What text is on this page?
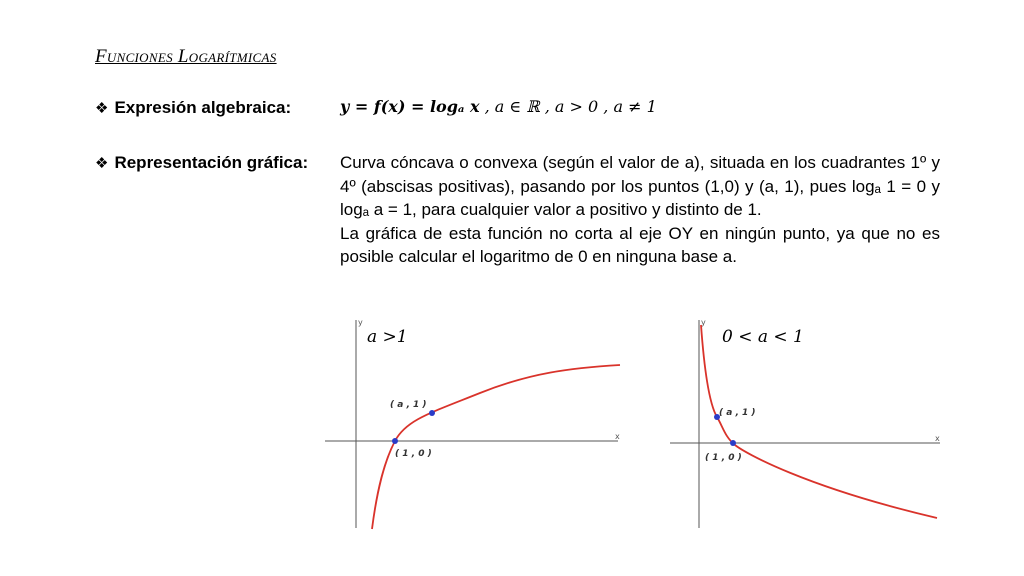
Funciones Logarítmicas
❖ Expresión algebraica:	y = f(x) = logₐ x , a ∈ ℝ , a > 0 , a ≠ 1
❖ Representación gráfica: Curva cóncava o convexa (según el valor de a), situada en los cuadrantes 1º y 4º (abscisas positivas), pasando por los puntos (1,0) y (a, 1), pues logₐ 1 = 0 y logₐ a = 1, para cualquier valor a positivo y distinto de 1.

La gráfica de esta función no corta al eje OY en ningún punto, ya que no es posible calcular el logaritmo de 0 en ninguna base a.

x
y
( a , 1 )
( 1 , 0 )
a >1
x
y
( a , 1 )
( 1 , 0 )
0 < a < 1
